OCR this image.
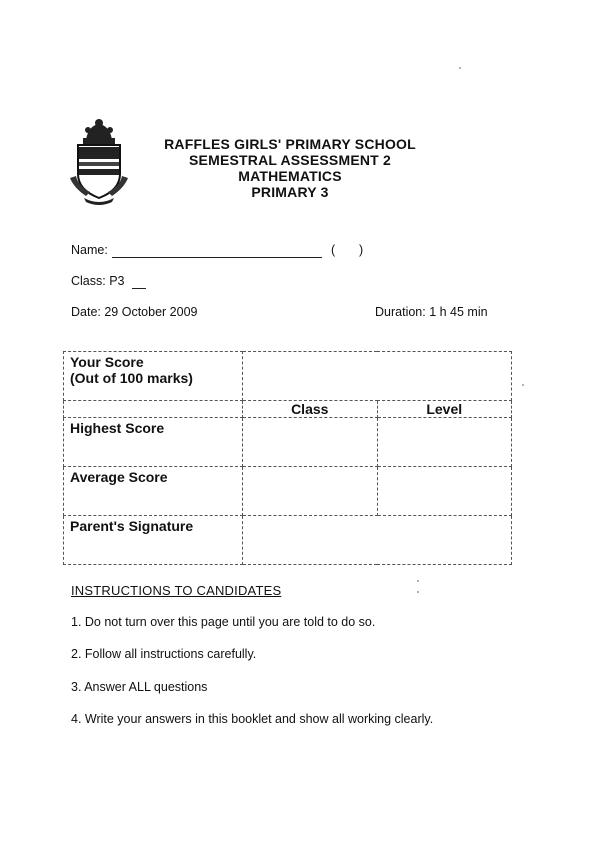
RAFFLES GIRLS' PRIMARY SCHOOL
SEMESTRAL ASSESSMENT 2
MATHEMATICS
PRIMARY 3
Name:	( )
Class: P3
Date: 29 October 2009	Duration: 1 h 45 min
Your Score
(Out of 100 marks)		

	Class	Level
Highest Score		
Average Score		
Parent's Signature		
INSTRUCTIONS TO CANDIDATES
1. Do not turn over this page until you are told to do so.
2. Follow all instructions carefully.
3. Answer ALL questions
4. Write your answers in this booklet and show all working clearly.
